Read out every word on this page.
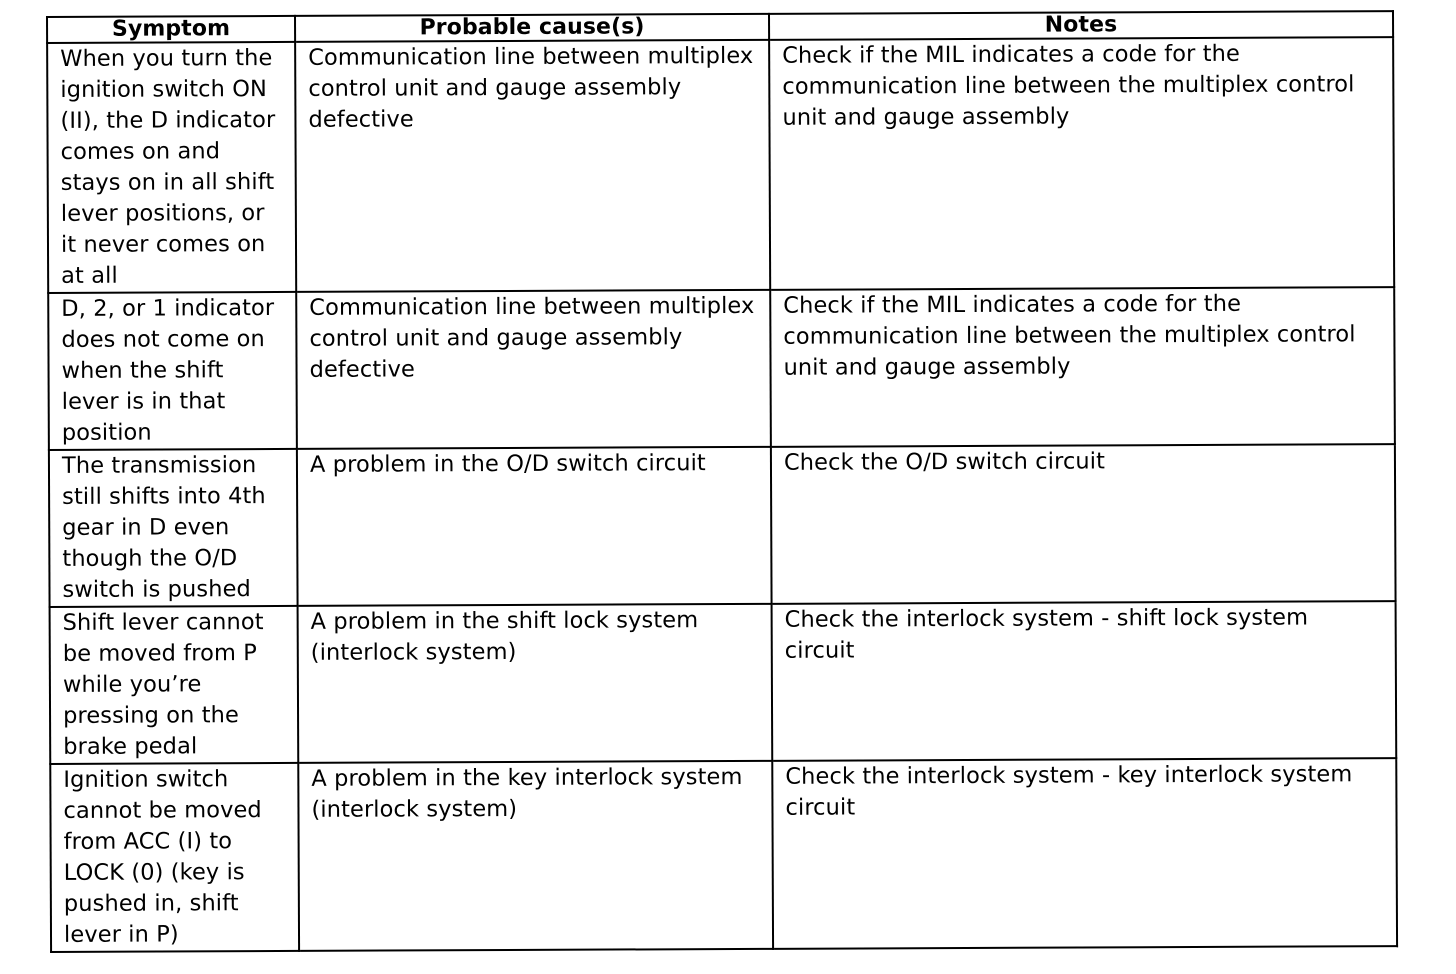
Symptom	Probable cause(s)	Notes
When you turn the ignition switch ON (II), the D indicator comes on and stays on in all shift lever positions, or it never comes on at all	Communication line between multiplex control unit and gauge assembly defective	Check if the MIL indicates a code for the communication line between the multiplex control unit and gauge assembly
D, 2, or 1 indicator does not come on when the shift lever is in that position	Communication line between multiplex control unit and gauge assembly defective	Check if the MIL indicates a code for the communication line between the multiplex control unit and gauge assembly
The transmission still shifts into 4th gear in D even though the O/D switch is pushed	A problem in the O/D switch circuit	Check the O/D switch circuit
Shift lever cannot be moved from P while you’re pressing on the brake pedal	A problem in the shift lock system (interlock system)	Check the interlock system - shift lock system circuit
Ignition switch cannot be moved from ACC (I) to LOCK (0) (key is pushed in, shift lever in P)	A problem in the key interlock system (interlock system)	Check the interlock system - key interlock system circuit
